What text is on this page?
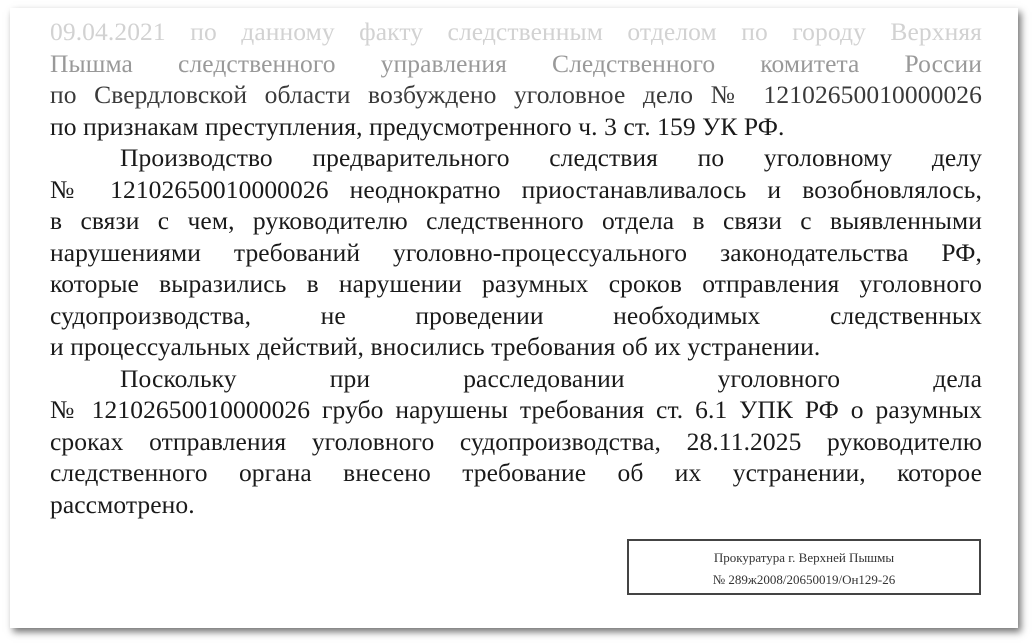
09.04.2021 по данному факту следственным отделом по городу Верхняя
Пышма следственного управления Следственного комитета России
по Свердловской области возбуждено уголовное дело № 12102650010000026
по признакам преступления, предусмотренного ч. 3 ст. 159 УК РФ.
Производство предварительного следствия по уголовному делу
№ 12102650010000026 неоднократно приостанавливалось и возобновлялось,
в связи с чем, руководителю следственного отдела в связи с выявленными
нарушениями требований уголовно-процессуального законодательства РФ,
которые выразились в нарушении разумных сроков отправления уголовного
судопроизводства, не проведении необходимых следственных
и процессуальных действий, вносились требования об их устранении.
Поскольку при расследовании уголовного дела
№ 12102650010000026 грубо нарушены требования ст. 6.1 УПК РФ о разумных
сроках отправления уголовного судопроизводства, 28.11.2025 руководителю
следственного органа внесено требование об их устранении, которое
рассмотрено.
Прокуратура г. Верхней Пышмы
№ 289ж2008/20650019/Он129-26
